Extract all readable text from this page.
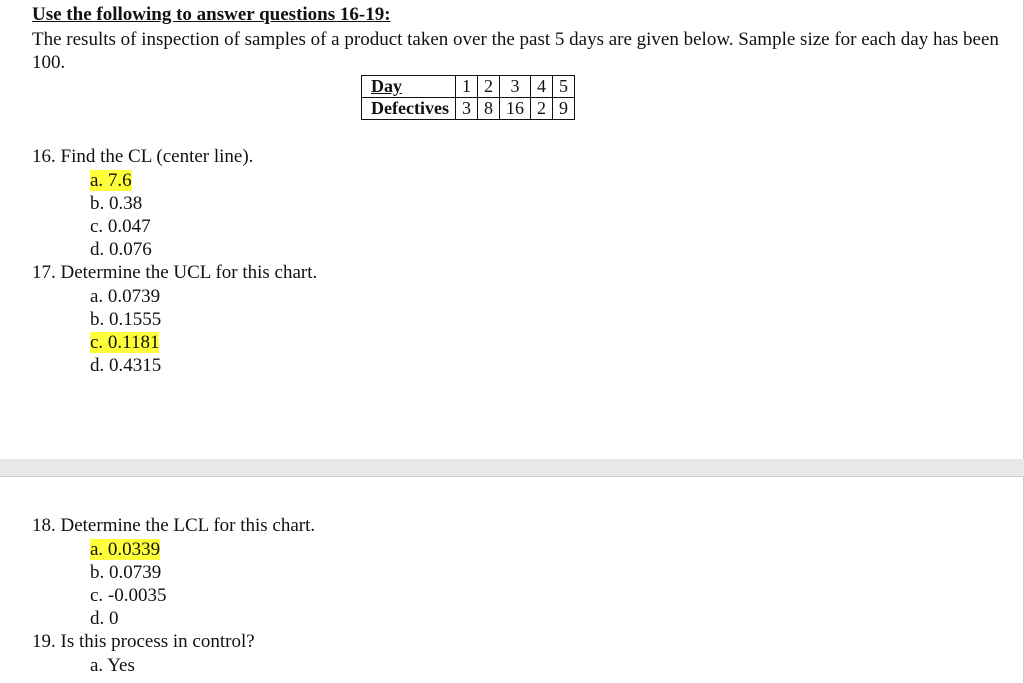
Use the following to answer questions 16-19:

The results of inspection of samples of a product taken over the past 5 days are given below. Sample size for each day has been 100.

Day	1	2	3	4	5
Defectives	3	8	16	2	9

16. Find the CL (center line).

a. 7.6

b. 0.38

c. 0.047

d. 0.076

17. Determine the UCL for this chart.

a. 0.0739

b. 0.1555

c. 0.1181

d. 0.4315

18. Determine the LCL for this chart.

a. 0.0339

b. 0.0739

c. -0.0035

d. 0

19. Is this process in control?

a. Yes
